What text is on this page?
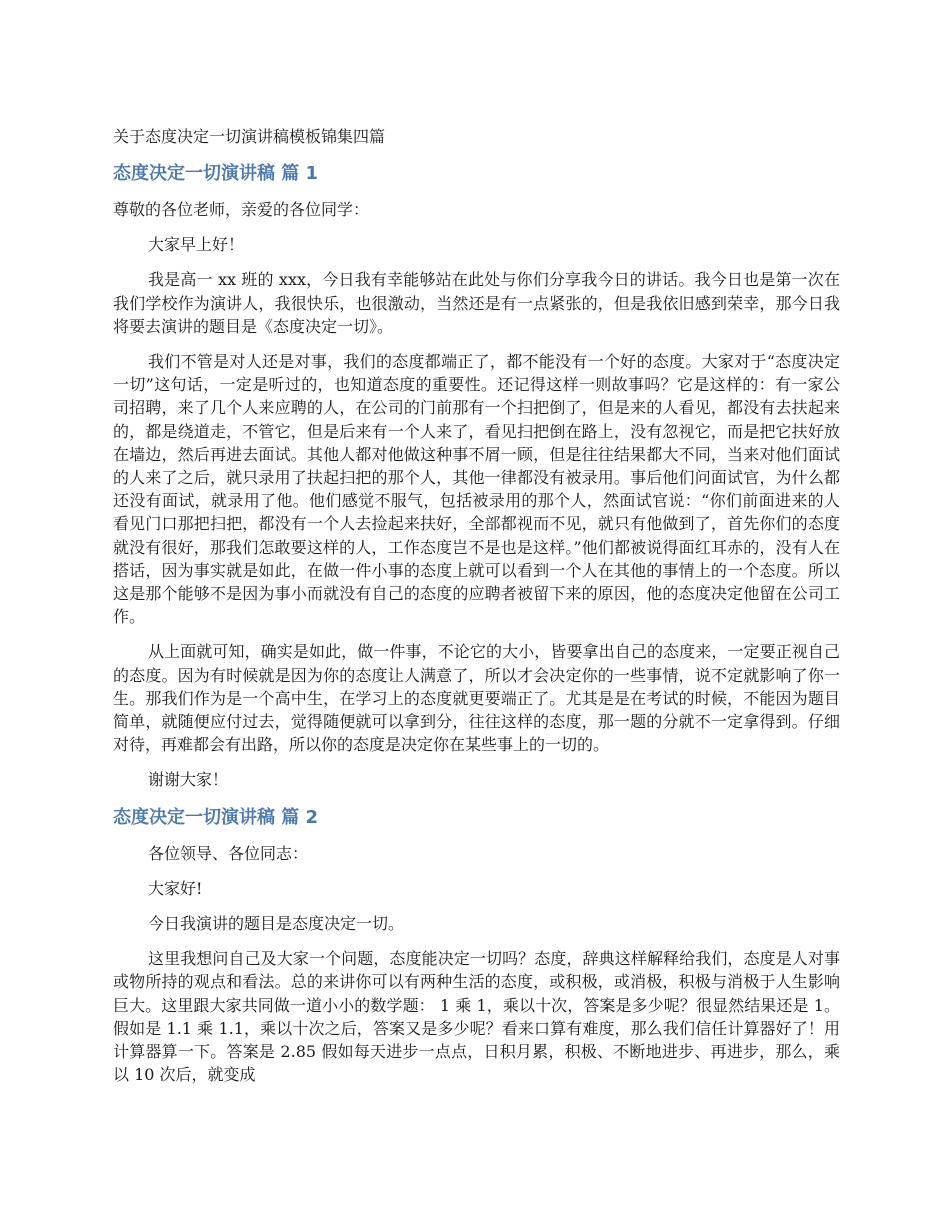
关于态度决定一切演讲稿模板锦集四篇
态度决定一切演讲稿 篇 1

尊敬的各位老师，亲爱的各位同学：

大家早上好！

我是高一 xx 班的 xxx，今日我有幸能够站在此处与你们分享我今日的讲话。我今日也是第一次在我们学校作为演讲人，我很快乐，也很激动，当然还是有一点紧张的，但是我依旧感到荣幸，那今日我将要去演讲的题目是《态度决定一切》。

我们不管是对人还是对事，我们的态度都端正了，都不能没有一个好的态度。大家对于“态度决定一切”这句话，一定是听过的，也知道态度的重要性。还记得这样一则故事吗？它是这样的：有一家公司招聘，来了几个人来应聘的人，在公司的门前那有一个扫把倒了，但是来的人看见，都没有去扶起来的，都是绕道走，不管它，但是后来有一个人来了，看见扫把倒在路上，没有忽视它，而是把它扶好放在墙边，然后再进去面试。其他人都对他做这种事不屑一顾，但是往往结果都大不同，当来对他们面试的人来了之后，就只录用了扶起扫把的那个人，其他一律都没有被录用。事后他们问面试官，为什么都还没有面试，就录用了他。他们感觉不服气，包括被录用的那个人，然面试官说：“你们前面进来的人看见门口那把扫把，都没有一个人去捡起来扶好，全部都视而不见，就只有他做到了，首先你们的态度就没有很好，那我们怎敢要这样的人，工作态度岂不是也是这样。”他们都被说得面红耳赤的，没有人在搭话，因为事实就是如此，在做一件小事的态度上就可以看到一个人在其他的事情上的一个态度。所以这是那个能够不是因为事小而就没有自己的态度的应聘者被留下来的原因，他的态度决定他留在公司工作。

从上面就可知，确实是如此，做一件事，不论它的大小，皆要拿出自己的态度来，一定要正视自己的态度。因为有时候就是因为你的态度让人满意了，所以才会决定你的一些事情，说不定就影响了你一生。那我们作为是一个高中生，在学习上的态度就更要端正了。尤其是是在考试的时候，不能因为题目简单，就随便应付过去，觉得随便就可以拿到分，往往这样的态度，那一题的分就不一定拿得到。仔细对待，再难都会有出路，所以你的态度是决定你在某些事上的一切的。

谢谢大家！

态度决定一切演讲稿 篇 2

各位领导、各位同志：

大家好!

今日我演讲的题目是态度决定一切。

这里我想问自己及大家一个问题，态度能决定一切吗？态度，辞典这样解释给我们，态度是人对事或物所持的观点和看法。总的来讲你可以有两种生活的态度，或积极，或消极，积极与消极于人生影响巨大。这里跟大家共同做一道小小的数学题： 1 乘 1，乘以十次，答案是多少呢？很显然结果还是 1。假如是 1.1 乘 1.1，乘以十次之后，答案又是多少呢？看来口算有难度，那么我们信任计算器好了！用计算器算一下。答案是 2.85 假如每天进步一点点，日积月累，积极、不断地进步、再进步，那么，乘以 10 次后，就变成
